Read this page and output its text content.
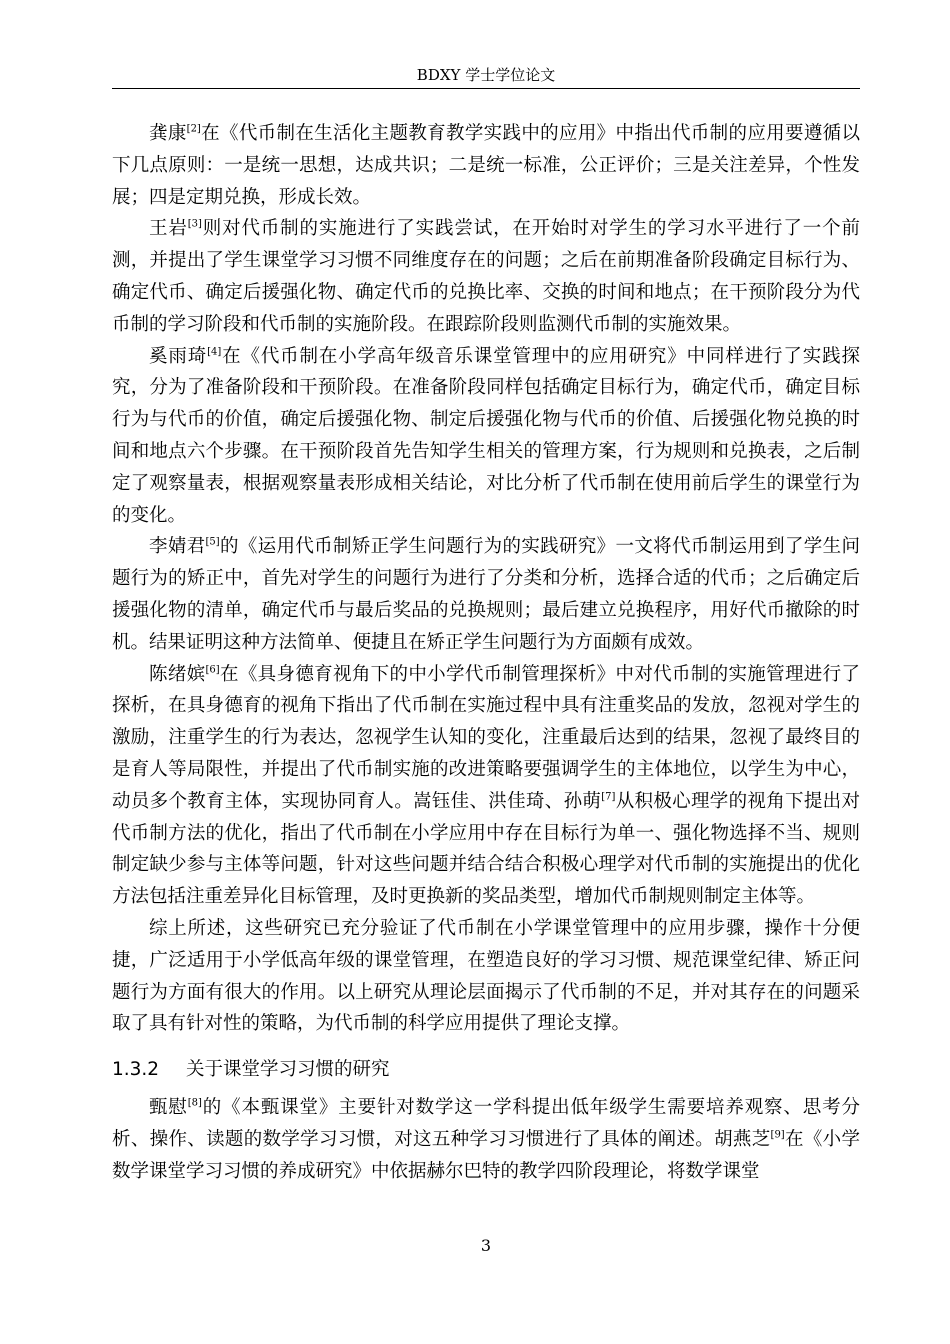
BDXY 学士学位论文

龚康[2]在《代币制在生活化主题教育教学实践中的应用》中指出代币制的应用要遵循以下几点原则：一是统一思想，达成共识；二是统一标准，公正评价；三是关注差异，个性发展；四是定期兑换，形成长效。

王岩[3]则对代币制的实施进行了实践尝试，在开始时对学生的学习水平进行了一个前测，并提出了学生课堂学习习惯不同维度存在的问题；之后在前期准备阶段确定目标行为、确定代币、确定后援强化物、确定代币的兑换比率、交换的时间和地点；在干预阶段分为代币制的学习阶段和代币制的实施阶段。在跟踪阶段则监测代币制的实施效果。

奚雨琦[4]在《代币制在小学高年级音乐课堂管理中的应用研究》中同样进行了实践探究，分为了准备阶段和干预阶段。在准备阶段同样包括确定目标行为，确定代币，确定目标行为与代币的价值，确定后援强化物、制定后援强化物与代币的价值、后援强化物兑换的时间和地点六个步骤。在干预阶段首先告知学生相关的管理方案，行为规则和兑换表，之后制定了观察量表，根据观察量表形成相关结论，对比分析了代币制在使用前后学生的课堂行为的变化。

李婧君[5]的《运用代币制矫正学生问题行为的实践研究》一文将代币制运用到了学生问题行为的矫正中，首先对学生的问题行为进行了分类和分析，选择合适的代币；之后确定后援强化物的清单，确定代币与最后奖品的兑换规则；最后建立兑换程序，用好代币撤除的时机。结果证明这种方法简单、便捷且在矫正学生问题行为方面颇有成效。

陈绪嫔[6]在《具身德育视角下的中小学代币制管理探析》中对代币制的实施管理进行了探析，在具身德育的视角下指出了代币制在实施过程中具有注重奖品的发放，忽视对学生的激励，注重学生的行为表达，忽视学生认知的变化，注重最后达到的结果，忽视了最终目的是育人等局限性，并提出了代币制实施的改进策略要强调学生的主体地位，以学生为中心，动员多个教育主体，实现协同育人。嵩钰佳、洪佳琦、孙萌[7]从积极心理学的视角下提出对代币制方法的优化，指出了代币制在小学应用中存在目标行为单一、强化物选择不当、规则制定缺少参与主体等问题，针对这些问题并结合结合积极心理学对代币制的实施提出的优化方法包括注重差异化目标管理，及时更换新的奖品类型，增加代币制规则制定主体等。

综上所述，这些研究已充分验证了代币制在小学课堂管理中的应用步骤，操作十分便捷，广泛适用于小学低高年级的课堂管理，在塑造良好的学习习惯、规范课堂纪律、矫正问题行为方面有很大的作用。以上研究从理论层面揭示了代币制的不足，并对其存在的问题采取了具有针对性的策略，为代币制的科学应用提供了理论支撑。

1.3.2 关于课堂学习习惯的研究

甄慰[8]的《本甄课堂》主要针对数学这一学科提出低年级学生需要培养观察、思考分析、操作、读题的数学学习习惯，对这五种学习习惯进行了具体的阐述。胡燕芝[9]在《小学数学课堂学习习惯的养成研究》中依据赫尔巴特的教学四阶段理论，将数学课堂

3
